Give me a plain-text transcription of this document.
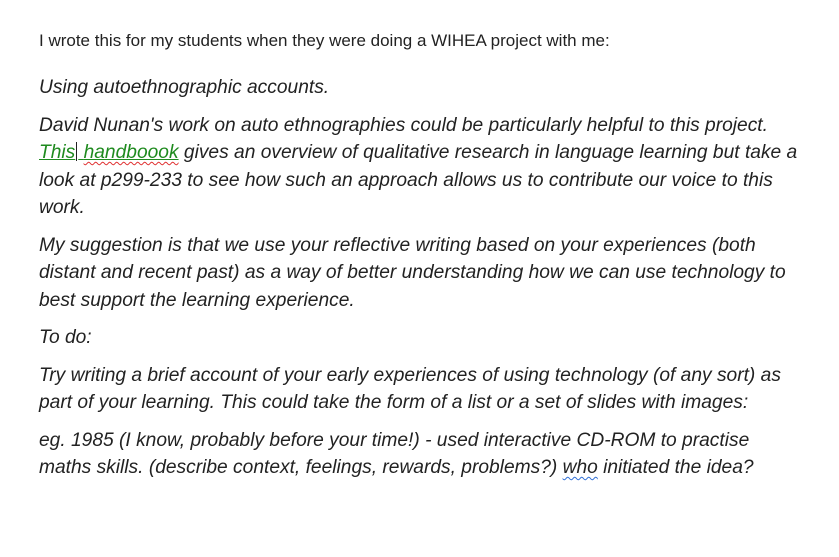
I wrote this for my students when they were doing a WIHEA project with me:

Using autoethnographic accounts.

David Nunan's work on auto ethnographies could be particularly helpful to this project. This handboook gives an overview of qualitative research in language learning but take a look at p299-233 to see how such an approach allows us to contribute our voice to this work.

My suggestion is that we use your reflective writing based on your experiences (both distant and recent past) as a way of better understanding how we can use technology to best support the learning experience.

To do:

Try writing a brief account of your early experiences of using technology (of any sort) as part of your learning. This could take the form of a list or a set of slides with images:

eg. 1985 (I know, probably before your time!) - used interactive CD-ROM to practise maths skills. (describe context, feelings, rewards, problems?) who initiated the idea?
